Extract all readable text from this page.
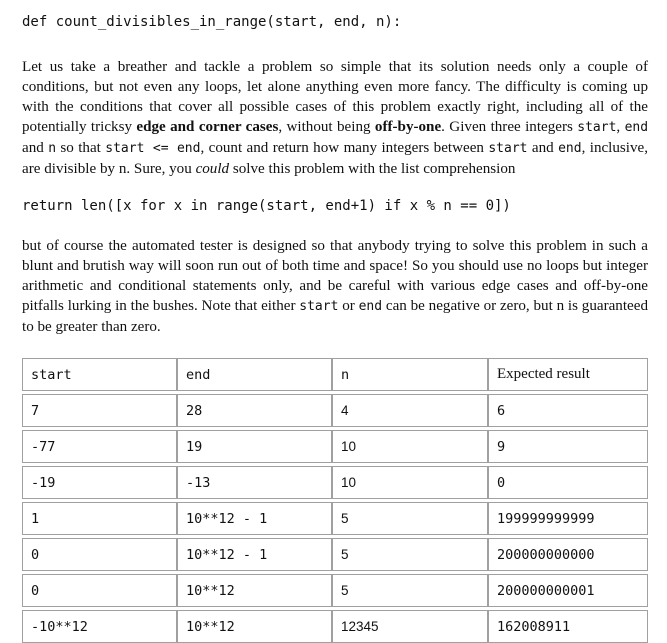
def count_divisibles_in_range(start, end, n):

Let us take a breather and tackle a problem so simple that its solution needs only a couple of conditions, but not even any loops, let alone anything even more fancy. The difficulty is coming up with the conditions that cover all possible cases of this problem exactly right, including all of the potentially tricksy edge and corner cases, without being off-by-one. Given three integers start, end and n so that start <= end, count and return how many integers between start and end, inclusive, are divisible by n. Sure, you could solve this problem with the list comprehension

return len([x for x in range(start, end+1) if x % n == 0])

but of course the automated tester is designed so that anybody trying to solve this problem in such a blunt and brutish way will soon run out of both time and space! So you should use no loops but integer arithmetic and conditional statements only, and be careful with various edge cases and off-by-one pitfalls lurking in the bushes. Note that either start or end can be negative or zero, but n is guaranteed to be greater than zero.

start	end	n	Expected result

7	28	4	6

-77	19	10	9

-19	-13	10	0

1	10**12 - 1	5	199999999999

0	10**12 - 1	5	200000000000

0	10**12	5	200000000001

-10**12	10**12	12345	162008911
